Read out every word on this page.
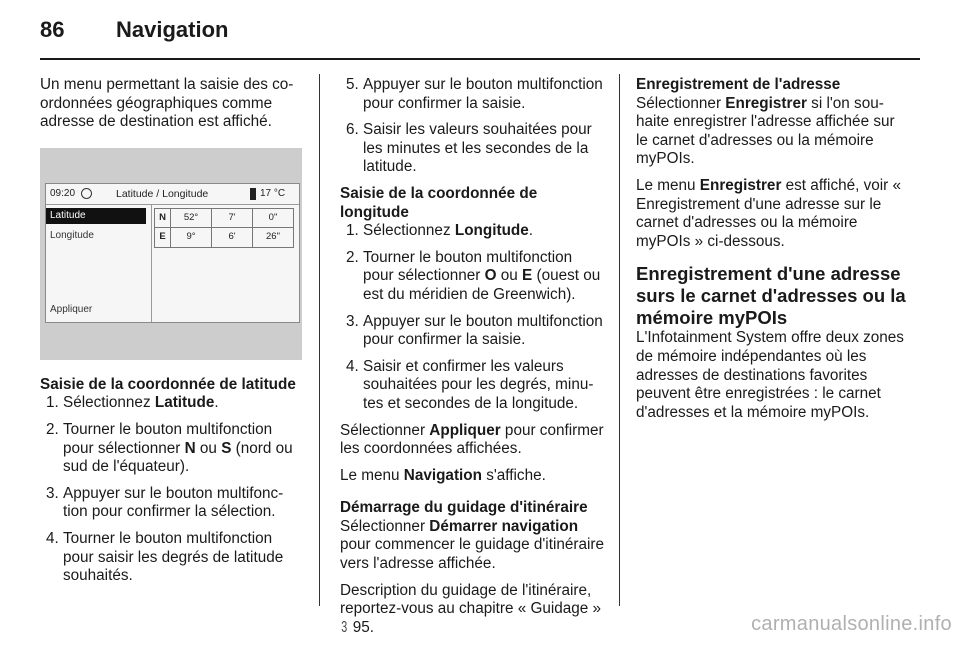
86 Navigation

Un menu permettant la saisie des coordonnées géographiques comme adresse de destination est affiché.

09:20	Latitude / Longitude	17 °C
Latitude
Longitude
Appliquer
N	52°	7'	0"
E	9°	6'	26"

Saisie de la coordonnée de latitude

1. Sélectionnez Latitude.
2. Tourner le bouton multifonction pour sélectionner N ou S (nord ou sud de l'équateur).
3. Appuyer sur le bouton multifonction pour confirmer la sélection.
4. Tourner le bouton multifonction pour saisir les degrés de latitude souhaités.
5. Appuyer sur le bouton multifonction pour confirmer la saisie.
6. Saisir les valeurs souhaitées pour les minutes et les secondes de la latitude.

Saisie de la coordonnée de longitude

1. Sélectionnez Longitude.
2. Tourner le bouton multifonction pour sélectionner O ou E (ouest ou est du méridien de Greenwich).
3. Appuyer sur le bouton multifonction pour confirmer la saisie.
4. Saisir et confirmer les valeurs souhaitées pour les degrés, minutes et secondes de la longitude.

Sélectionner Appliquer pour confirmer les coordonnées affichées.

Le menu Navigation s'affiche.

Démarrage du guidage d'itinéraire

Sélectionner Démarrer navigation pour commencer le guidage d'itinéraire vers l'adresse affichée.

Description du guidage de l'itinéraire, reportez-vous au chapitre « Guidage » 3 95.

Enregistrement de l'adresse

Sélectionner Enregistrer si l'on souhaite enregistrer l'adresse affichée sur le carnet d'adresses ou la mémoire myPOIs.

Le menu Enregistrer est affiché, voir « Enregistrement d'une adresse sur le carnet d'adresses ou la mémoire myPOIs » ci-dessous.

Enregistrement d'une adresse surs le carnet d'adresses ou la mémoire myPOIs

L'Infotainment System offre deux zones de mémoire indépendantes où les adresses de destinations favorites peuvent être enregistrées : le carnet d'adresses et la mémoire myPOIs.

carmanualsonline.info
